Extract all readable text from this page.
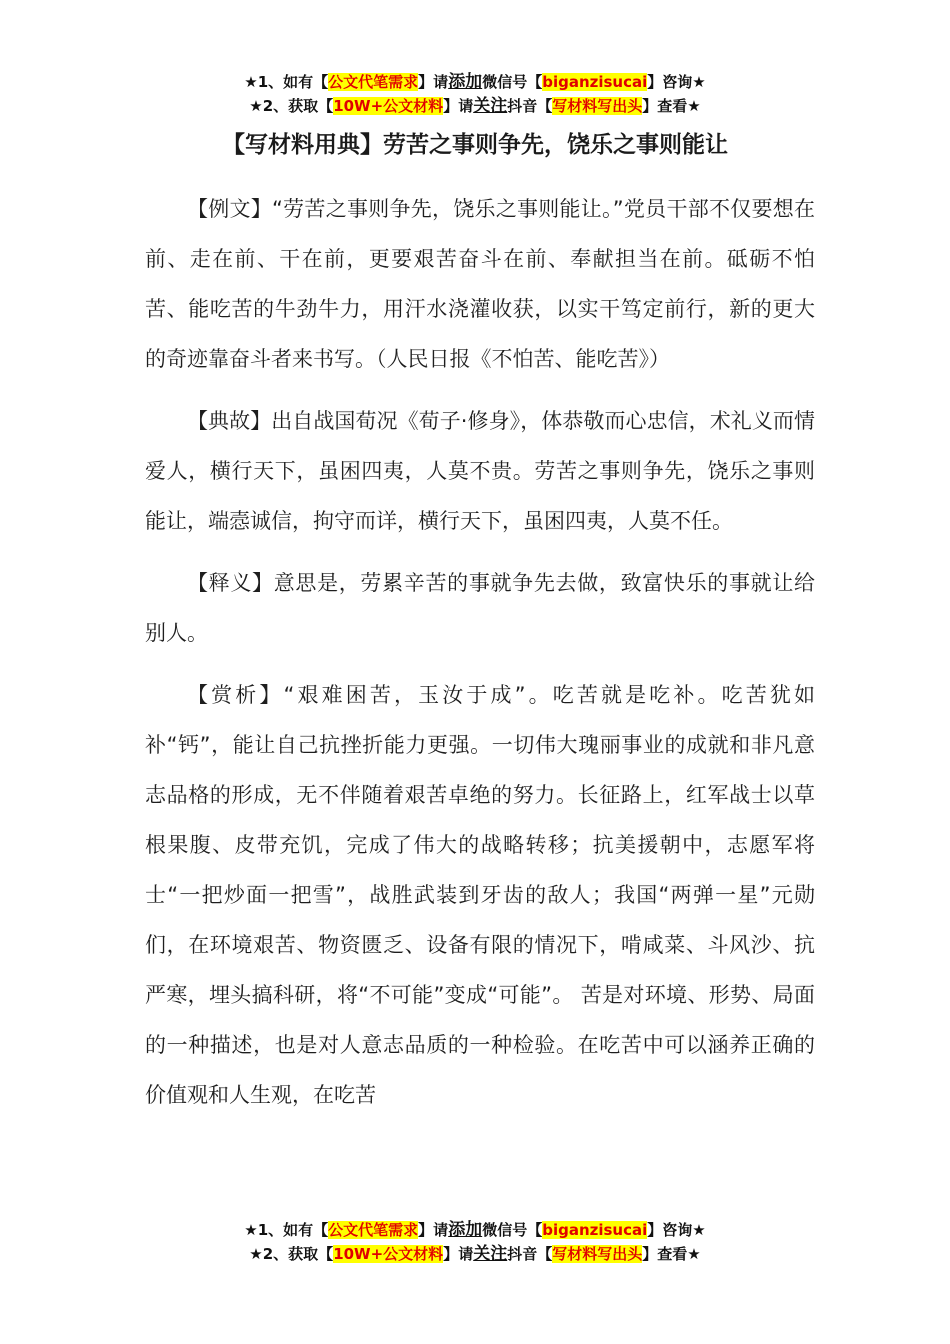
★1、如有【公文代笔需求】请添加微信号【biganzisucai】咨询★
★2、获取【10W+公文材料】请关注抖音【写材料写出头】查看★
【写材料用典】劳苦之事则争先，饶乐之事则能让

【例文】“劳苦之事则争先，饶乐之事则能让。”党员干部不仅要想在前、走在前、干在前，更要艰苦奋斗在前、奉献担当在前。砥砺不怕苦、能吃苦的牛劲牛力，用汗水浇灌收获，以实干笃定前行，新的更大的奇迹靠奋斗者来书写。（人民日报《不怕苦、能吃苦》）

【典故】出自战国荀况《荀子·修身》，体恭敬而心忠信，术礼义而情爱人，横行天下，虽困四夷，人莫不贵。劳苦之事则争先，饶乐之事则能让，端悫诚信，拘守而详，横行天下，虽困四夷，人莫不任。

【释义】意思是，劳累辛苦的事就争先去做，致富快乐的事就让给别人。

【赏析】“艰难困苦，玉汝于成”。吃苦就是吃补。吃苦犹如补“钙”，能让自己抗挫折能力更强。一切伟大瑰丽事业的成就和非凡意志品格的形成，无不伴随着艰苦卓绝的努力。长征路上，红军战士以草根果腹、皮带充饥，完成了伟大的战略转移；抗美援朝中，志愿军将士“一把炒面一把雪”，战胜武装到牙齿的敌人；我国“两弹一星”元勋们，在环境艰苦、物资匮乏、设备有限的情况下，啃咸菜、斗风沙、抗严寒，埋头搞科研，将“不可能”变成“可能”。 苦是对环境、形势、局面的一种描述，也是对人意志品质的一种检验。在吃苦中可以涵养正确的价值观和人生观，在吃苦

★1、如有【公文代笔需求】请添加微信号【biganzisucai】咨询★
★2、获取【10W+公文材料】请关注抖音【写材料写出头】查看★
